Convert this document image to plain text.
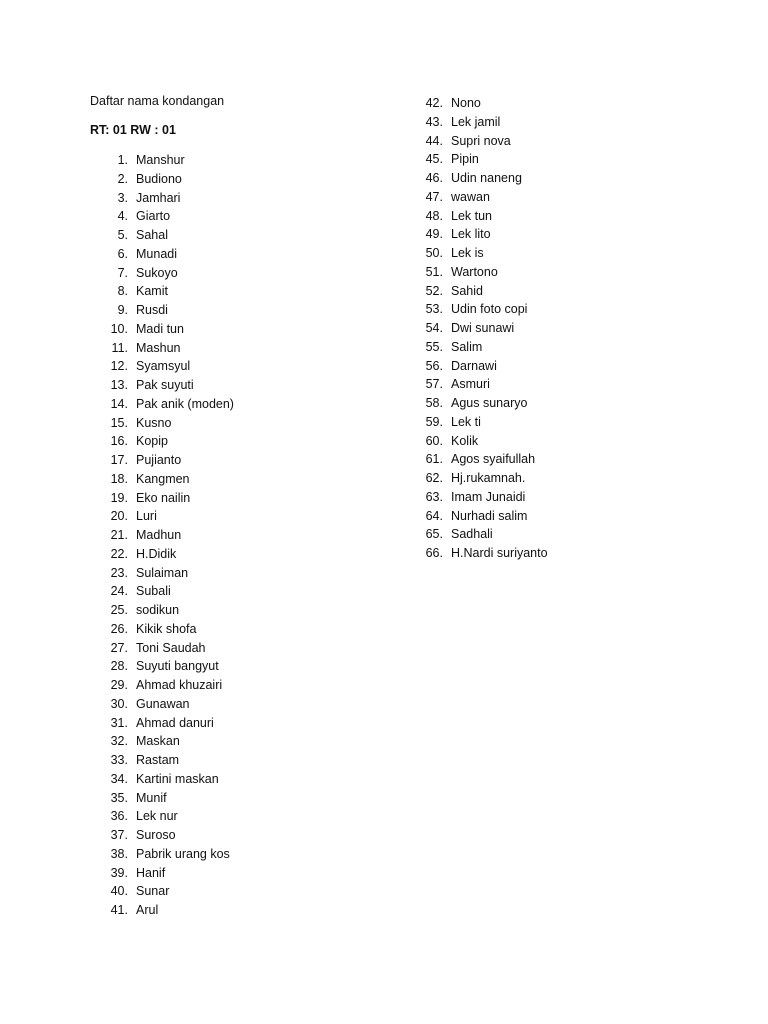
Daftar nama kondangan
RT: 01 RW : 01
1. Manshur
2. Budiono
3. Jamhari
4. Giarto
5. Sahal
6. Munadi
7. Sukoyo
8. Kamit
9. Rusdi
10. Madi tun
11. Mashun
12. Syamsyul
13. Pak suyuti
14. Pak anik (moden)
15. Kusno
16. Kopip
17. Pujianto
18. Kangmen
19. Eko nailin
20. Luri
21. Madhun
22. H.Didik
23. Sulaiman
24. Subali
25. sodikun
26. Kikik shofa
27. Toni Saudah
28. Suyuti bangyut
29. Ahmad khuzairi
30. Gunawan
31. Ahmad danuri
32. Maskan
33. Rastam
34. Kartini maskan
35. Munif
36. Lek nur
37. Suroso
38. Pabrik urang kos
39. Hanif
40. Sunar
41. Arul
42. Nono
43. Lek jamil
44. Supri nova
45. Pipin
46. Udin naneng
47. wawan
48. Lek tun
49. Lek lito
50. Lek is
51. Wartono
52. Sahid
53. Udin foto copi
54. Dwi sunawi
55. Salim
56. Darnawi
57. Asmuri
58. Agus sunaryo
59. Lek ti
60. Kolik
61. Agos syaifullah
62. Hj.rukamnah.
63. Imam Junaidi
64. Nurhadi salim
65. Sadhali
66. H.Nardi suriyanto
